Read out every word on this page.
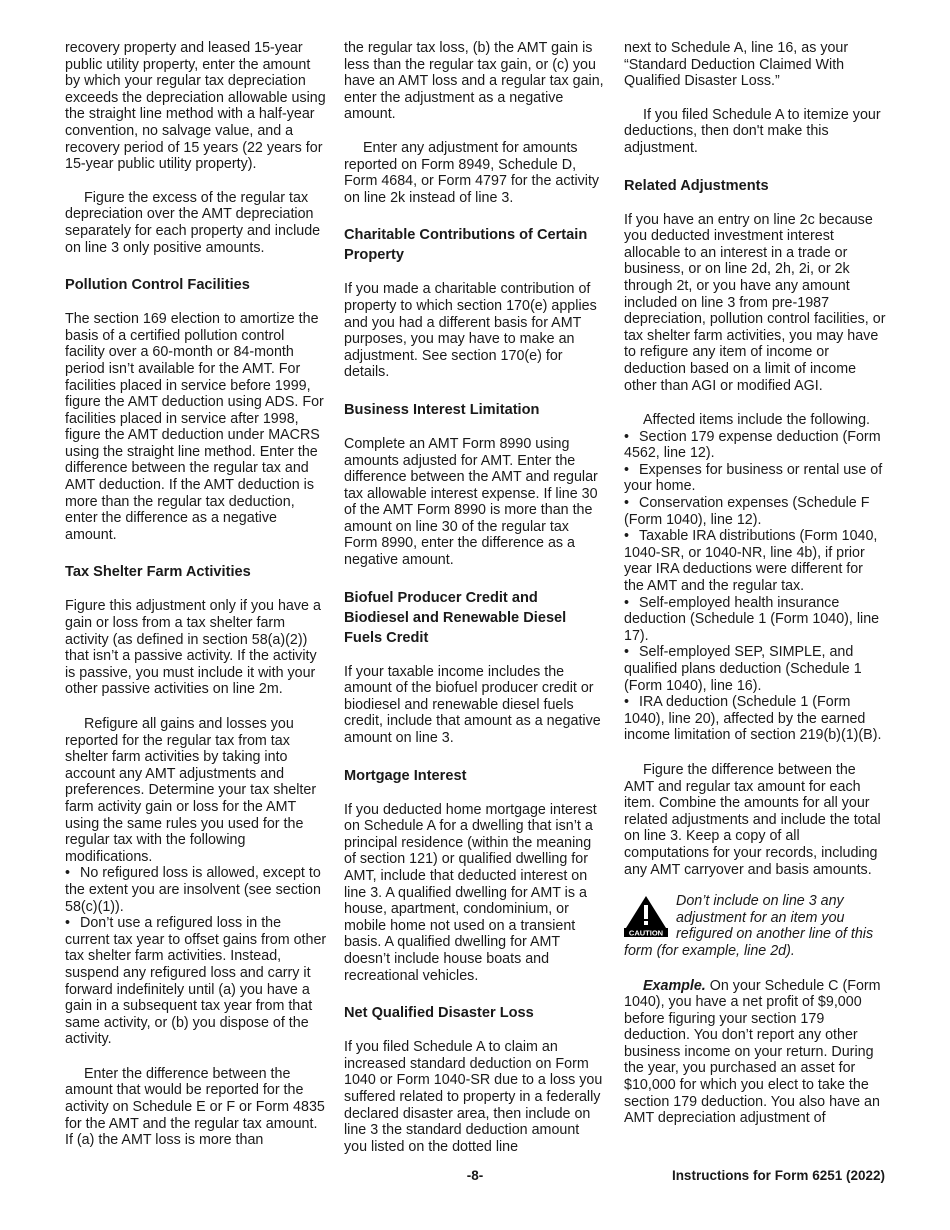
recovery property and leased 15-year public utility property, enter the amount by which your regular tax depreciation exceeds the depreciation allowable using the straight line method with a half-year convention, no salvage value, and a recovery period of 15 years (22 years for 15-year public utility property).

Figure the excess of the regular tax depreciation over the AMT depreciation separately for each property and include on line 3 only positive amounts.

Pollution Control Facilities

The section 169 election to amortize the basis of a certified pollution control facility over a 60-month or 84-month period isn’t available for the AMT. For facilities placed in service before 1999, figure the AMT deduction using ADS. For facilities placed in service after 1998, figure the AMT deduction under MACRS using the straight line method. Enter the difference between the regular tax and AMT deduction. If the AMT deduction is more than the regular tax deduction, enter the difference as a negative amount.

Tax Shelter Farm Activities

Figure this adjustment only if you have a gain or loss from a tax shelter farm activity (as defined in section 58(a)(2)) that isn’t a passive activity. If the activity is passive, you must include it with your other passive activities on line 2m.

Refigure all gains and losses you reported for the regular tax from tax shelter farm activities by taking into account any AMT adjustments and preferences. Determine your tax shelter farm activity gain or loss for the AMT using the same rules you used for the regular tax with the following modifications.

• No refigured loss is allowed, except to the extent you are insolvent (see section 58(c)(1)).

• Don’t use a refigured loss in the current tax year to offset gains from other tax shelter farm activities. Instead, suspend any refigured loss and carry it forward indefinitely until (a) you have a gain in a subsequent tax year from that same activity, or (b) you dispose of the activity.

Enter the difference between the amount that would be reported for the activity on Schedule E or F or Form 4835 for the AMT and the regular tax amount. If (a) the AMT loss is more than

the regular tax loss, (b) the AMT gain is less than the regular tax gain, or (c) you have an AMT loss and a regular tax gain, enter the adjustment as a negative amount.

Enter any adjustment for amounts reported on Form 8949, Schedule D, Form 4684, or Form 4797 for the activity on line 2k instead of line 3.

Charitable Contributions of Certain Property

If you made a charitable contribution of property to which section 170(e) applies and you had a different basis for AMT purposes, you may have to make an adjustment. See section 170(e) for details.

Business Interest Limitation

Complete an AMT Form 8990 using amounts adjusted for AMT. Enter the difference between the AMT and regular tax allowable interest expense. If line 30 of the AMT Form 8990 is more than the amount on line 30 of the regular tax Form 8990, enter the difference as a negative amount.

Biofuel Producer Credit and Biodiesel and Renewable Diesel Fuels Credit

If your taxable income includes the amount of the biofuel producer credit or biodiesel and renewable diesel fuels credit, include that amount as a negative amount on line 3.

Mortgage Interest

If you deducted home mortgage interest on Schedule A for a dwelling that isn’t a principal residence (within the meaning of section 121) or qualified dwelling for AMT, include that deducted interest on line 3. A qualified dwelling for AMT is a house, apartment, condominium, or mobile home not used on a transient basis. A qualified dwelling for AMT doesn’t include house boats and recreational vehicles.

Net Qualified Disaster Loss

If you filed Schedule A to claim an increased standard deduction on Form 1040 or Form 1040-SR due to a loss you suffered related to property in a federally declared disaster area, then include on line 3 the standard deduction amount you listed on the dotted line

next to Schedule A, line 16, as your “Standard Deduction Claimed With Qualified Disaster Loss.”

If you filed Schedule A to itemize your deductions, then don't make this adjustment.

Related Adjustments

If you have an entry on line 2c because you deducted investment interest allocable to an interest in a trade or business, or on line 2d, 2h, 2i, or 2k through 2t, or you have any amount included on line 3 from pre-1987 depreciation, pollution control facilities, or tax shelter farm activities, you may have to refigure any item of income or deduction based on a limit of income other than AGI or modified AGI.

Affected items include the following.

• Section 179 expense deduction (Form 4562, line 12).

• Expenses for business or rental use of your home.

• Conservation expenses (Schedule F (Form 1040), line 12).

• Taxable IRA distributions (Form 1040, 1040-SR, or 1040-NR, line 4b), if prior year IRA deductions were different for the AMT and the regular tax.

• Self-employed health insurance deduction (Schedule 1 (Form 1040), line 17).

• Self-employed SEP, SIMPLE, and qualified plans deduction (Schedule 1 (Form 1040), line 16).

• IRA deduction (Schedule 1 (Form 1040), line 20), affected by the earned income limitation of section 219(b)(1)(B).

Figure the difference between the AMT and regular tax amount for each item. Combine the amounts for all your related adjustments and include the total on line 3. Keep a copy of all computations for your records, including any AMT carryover and basis amounts.

CAUTION
Don’t include on line 3 any adjustment for an item you refigured on another line of this form (for example, line 2d).

Example. On your Schedule C (Form 1040), you have a net profit of $9,000 before figuring your section 179 deduction. You don’t report any other business income on your return. During the year, you purchased an asset for $10,000 for which you elect to take the section 179 deduction. You also have an AMT depreciation adjustment of

-8-	Instructions for Form 6251 (2022)
